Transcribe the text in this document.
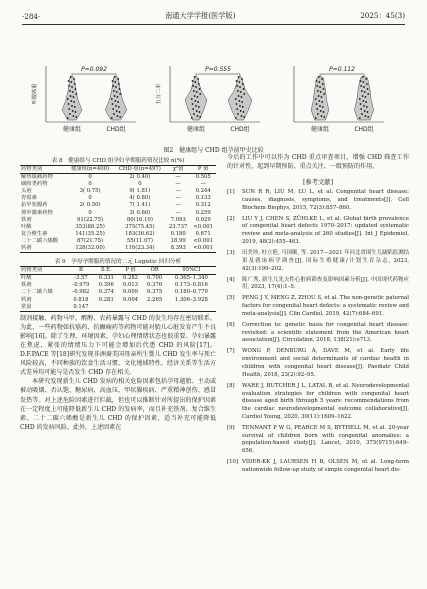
·284·	南通大学学报(医学版)	2025：45(3)
健康组	CHD组
P=0.092
叶酸体重
健康组	CHD组
P=0.555
五分二米
健康组	CHD组
P=0.112
图2　健康组与 CHD 组孕前甲史比较
表 8　健康组与 CHD 组孕妇孕期服药情况比较 n(%)
药物类别	健康组(n=400)	CHD 组(n=497)	χ²值	P 值
解热镇痛药物	0	2( 0.40)	—	0.505
磺胺类药物	0	0	—	—
头孢	3( 0.75)	9( 1.81)	—	0.244
青霉素	0	4( 0.80)	—	0.133
抗甲状腺药	2( 0.50)	7( 1.41)	—	0.312
抑甲激素药物	0	3( 0.60)	—	0.259
铁剂	91(22.75)	80(16.10)	7.093	0.029
叶酸	353(88.25)	375(75.45)	23.737	<0.001
复合维生素	141(35.25)	183(36.62)	0.180	0.671
二十二碳六烯酸	87(21.75)	55(11.07)	18.99	<0.001
钙剂	128(32.00)	116(23.34)	8.393	<0.001
表 9　孕母孕期服药情况的二元 Logistic 回归分析
药物类别	B	S.E.	P 值	OR	95%CI
叶酸	-3.57	0.331	0.282	0.700	0.365–1.340
铁剂	-0.979	0.396	0.013	0.376	0.173–0.816
二十二碳六烯	-0.982	0.374	0.009	0.375	0.180–0.779
钙剂	0.818	0.281	0.004	2.265	1.306–3.928
常量	0.147				

制剂接触、药物马甲、醉醇、农药暴露与 CHD 的发生均存在密切联系。为此，一些药物如抗癌药、抗癫痫药等药物可能对胎儿心脏发育产生不良影响[16]。除了生理、环境因素，孕妇心理情绪状态也很重要。孕妇暴露在焦虑、紧张的情绪压力下可能会增加后代患 CHD 的风险[17]。D.F.PACE 等[18]研究发现非洲裔美国母亲所生婴儿 CHD 发生率与死亡风险较高，不同种族的饮食生活习惯、文化地域特性、经济关系等生活方式差异均可能与是否发生 CHD 存在相关。

本研究发现新生儿 CHD 发病的相关危险因素包括孕母越胎、主动或被动吸烟、否认饱、糖尿病、高血压、甲状腺疾病、严重精神创伤、感冒发热等。对上述危险因素进行拦截，但也可以推断针对所提出的保护因素在一定程度上可能降低新生儿 CHD 的发病率，而且补充铁剂、复合维生素、二十二碳六烯酸是新生儿 CHD 的保护因素，适当补充可能降低 CHD 的发病风险。此外，上述因素在

今后的工作中可以作为 CHD 重点审查项目，增强 CHD 筛查工作的针对性，起到早期预防、重点关注、一级预防的作用。

[参考文献]
[1]	SUN R R, LIU M, LU L, et al. Congenital heart disease: causes, diagnosis, symptoms, and treatments[J]. Cell Biochem Biophys, 2015, 72(3):857–860.
[2]	LIU Y J, CHEN S, ZÜHLKE L, et al. Global birth prevalence of congenital heart defects 1970–2017: updated systematic review and meta-analysis of 260 studies[J]. Int J Epidemiol, 2019, 48(2):455–463.
[3]	田美珍, 杜立艳, 马国顺, 等. 2017—2021 年河北省围生儿缺陷监测结果及就床病学调查[J]. 国际生殖健康/计划生育杂志, 2023, 42(3):199–202.
[4]	陈广秀. 新生儿先天性心脏病筛查及影响因素分析[J]. 中国现代药物应用, 2023, 17(4):1–5.
[5]	PENG J Y, MENG Z, ZHOU S, et al. The non-genetic paternal factors for congenital heart defects: a systematic review and meta-analysis[J]. Clin Cardiol, 2019, 42(7):684–691.
[6]	Correction to: genetic basis for congenital heart disease: revisited: a scientific statement from the American heart association[J]. Circulation, 2018, 138(21):e713.
[7]	WONG P, DENBURG A, DAVE M, et al. Early life environment and social determinants of cardiac health in children with congenital heart disease[J]. Paediatr Child Health, 2018, 23(2):92–95.
[8]	WARE J, BUTCHER J L, LATAL B, et al. Neurodevelopmental evaluation strategies for children with congenital heart disease aged birth through 5 years: recommendations from the cardiac neurodevelopmental outcome collaborative[J]. Cardiol Young, 2020, 30(11):1609–1622.
[9]	TENNANT P W G, PEARCE M S, BYTHELL M, et al. 20-year survival of children born with congenital anomalies: a population-based study[J]. Lancet, 2010, 375(9715):649–656.
[10] VIDER-KK J, LAURSEN H B, OLSEN M, et al. Long-term nationwide follow-up study of simple congenital heart dis-
